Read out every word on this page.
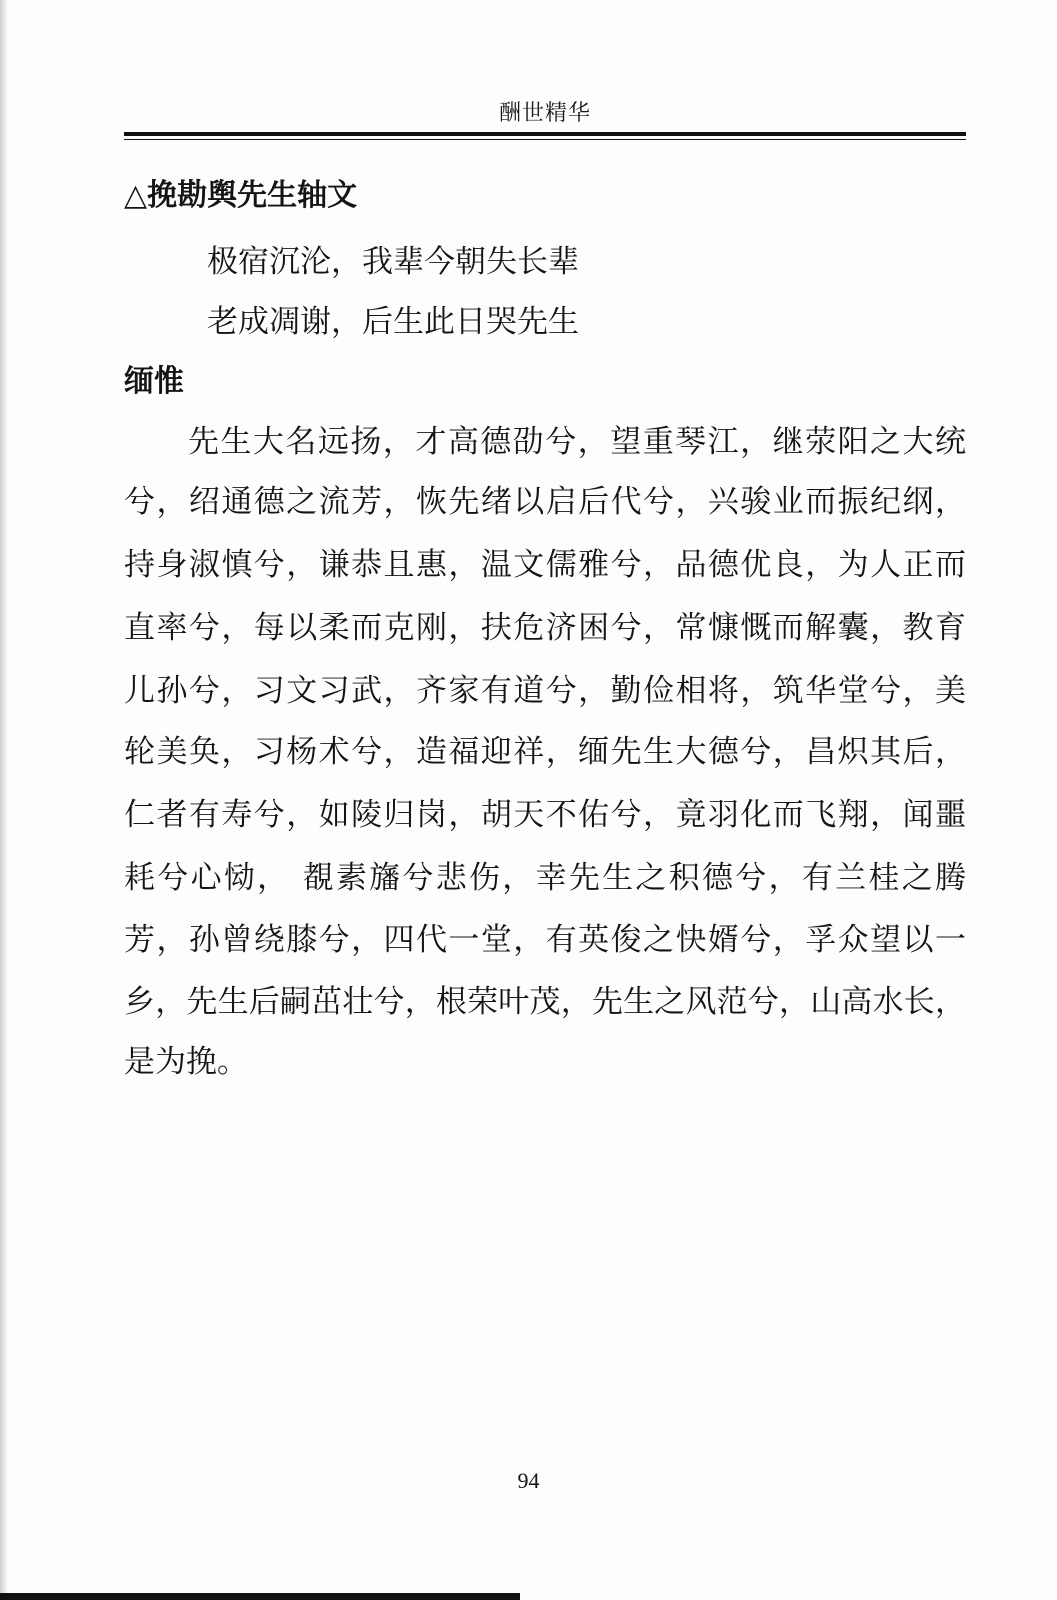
酬世精华
△挽勘舆先生轴文
极宿沉沦，我辈今朝失长辈
老成凋谢，后生此日哭先生
缅惟
先生大名远扬，才高德劭兮，望重琴江，继荥阳之大统
兮，绍通德之流芳，恢先绪以启后代兮，兴骏业而振纪纲，
持身淑慎兮，谦恭且惠，温文儒雅兮，品德优良，为人正而
直率兮，每以柔而克刚，扶危济困兮，常慷慨而解囊，教育
儿孙兮，习文习武，齐家有道兮，勤俭相将，筑华堂兮，美
轮美奂，习杨术兮，造福迎祥，缅先生大德兮，昌炽其后，
仁者有寿兮，如陵归岗，胡天不佑兮，竟羽化而飞翔，闻噩
耗兮心恸， 覩素旛兮悲伤，幸先生之积德兮，有兰桂之腾
芳，孙曾绕膝兮，四代一堂，有英俊之快婿兮，孚众望以一
乡，先生后嗣茁壮兮，根荣叶茂，先生之风范兮，山高水长，
是为挽。
94
